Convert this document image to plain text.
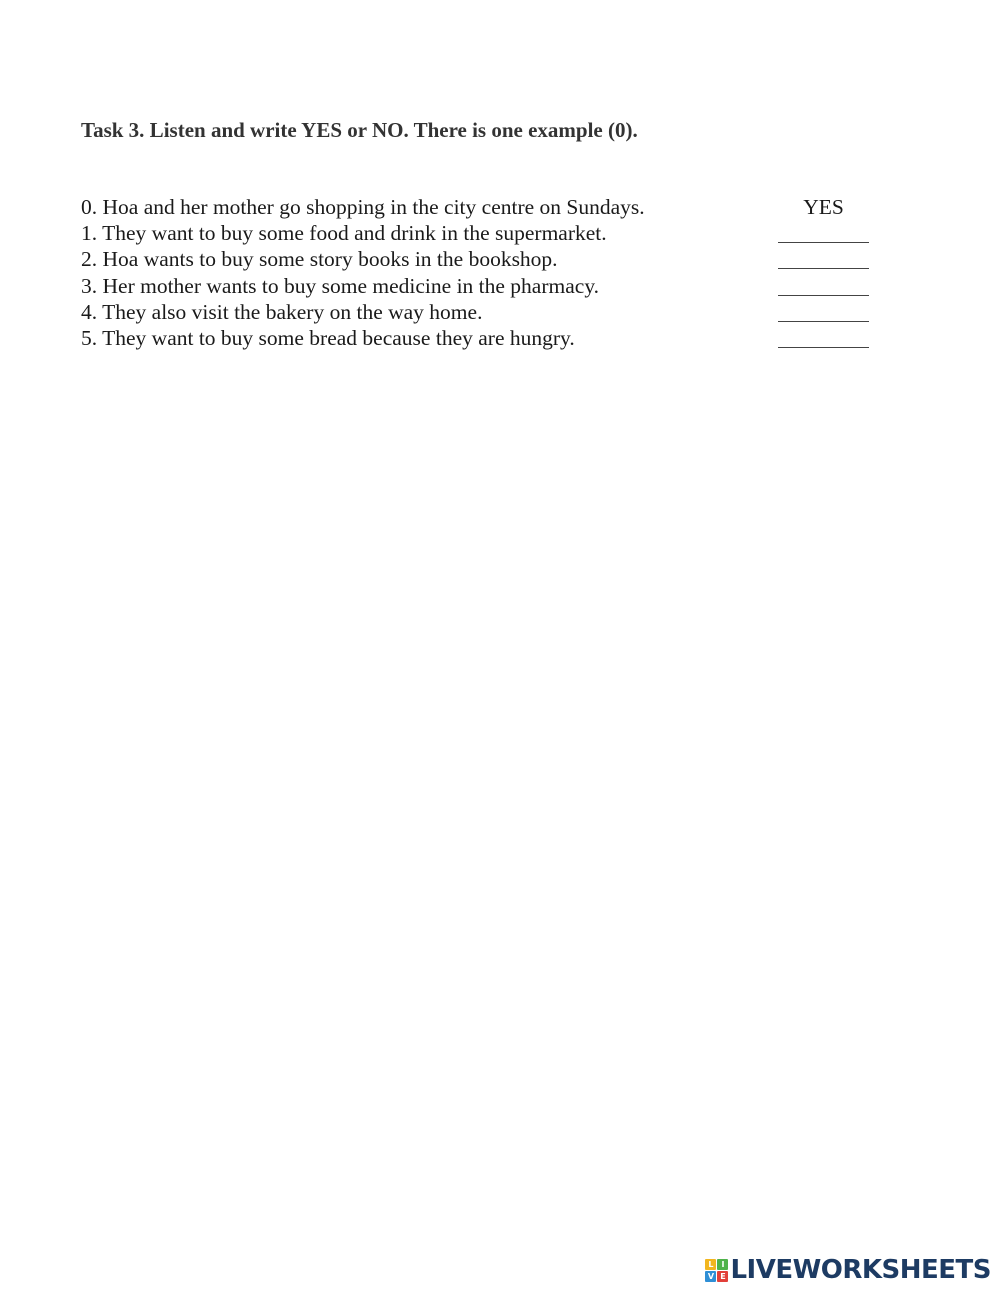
Task 3. Listen and write YES or NO. There is one example (0).
0. Hoa and her mother go shopping in the city centre on Sundays.	YES
1. They want to buy some food and drink in the supermarket.
2. Hoa wants to buy some story books in the bookshop.
3. Her mother wants to buy some medicine in the pharmacy.
4. They also visit the bakery on the way home.
5. They want to buy some bread because they are hungry.
L I
V E LIVEWORKSHEETS
